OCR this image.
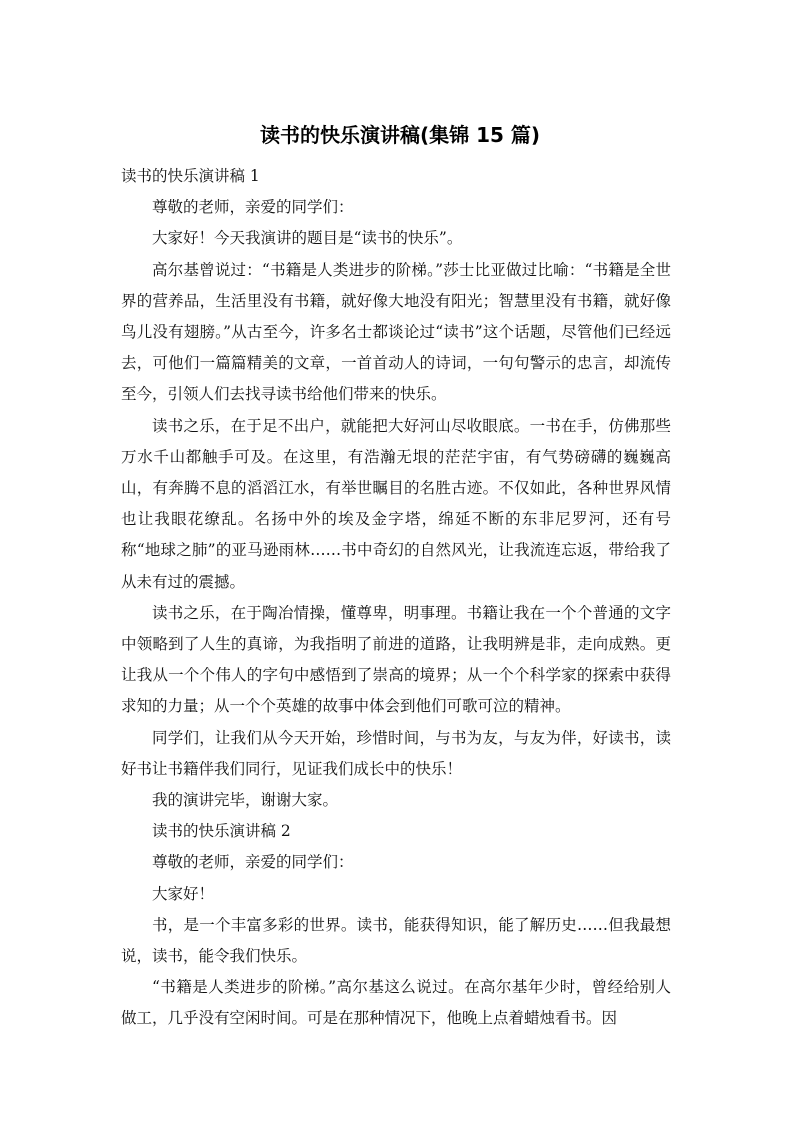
读书的快乐演讲稿(集锦 15 篇)

读书的快乐演讲稿 1

尊敬的老师，亲爱的同学们：

大家好！今天我演讲的题目是“读书的快乐”。

高尔基曾说过：“书籍是人类进步的阶梯。”莎士比亚做过比喻：“书籍是全世界的营养品，生活里没有书籍，就好像大地没有阳光；智慧里没有书籍，就好像鸟儿没有翅膀。”从古至今，许多名士都谈论过“读书”这个话题，尽管他们已经远去，可他们一篇篇精美的文章，一首首动人的诗词，一句句警示的忠言，却流传至今，引领人们去找寻读书给他们带来的快乐。

读书之乐，在于足不出户，就能把大好河山尽收眼底。一书在手，仿佛那些万水千山都触手可及。在这里，有浩瀚无垠的茫茫宇宙，有气势磅礴的巍巍高山，有奔腾不息的滔滔江水，有举世瞩目的名胜古迹。不仅如此，各种世界风情也让我眼花缭乱。名扬中外的埃及金字塔，绵延不断的东非尼罗河，还有号称“地球之肺”的亚马逊雨林……书中奇幻的自然风光，让我流连忘返，带给我了从未有过的震撼。

读书之乐，在于陶冶情操，懂尊卑，明事理。书籍让我在一个个普通的文字中领略到了人生的真谛，为我指明了前进的道路，让我明辨是非，走向成熟。更让我从一个个伟人的字句中感悟到了崇高的境界；从一个个科学家的探索中获得求知的力量；从一个个英雄的故事中体会到他们可歌可泣的精神。

同学们，让我们从今天开始，珍惜时间，与书为友，与友为伴，好读书，读好书让书籍伴我们同行，见证我们成长中的快乐！

我的演讲完毕，谢谢大家。

读书的快乐演讲稿 2

尊敬的老师，亲爱的同学们：

大家好！

书，是一个丰富多彩的世界。读书，能获得知识，能了解历史……但我最想说，读书，能令我们快乐。

“书籍是人类进步的阶梯。”高尔基这么说过。在高尔基年少时，曾经给别人做工，几乎没有空闲时间。可是在那种情况下，他晚上点着蜡烛看书。因
